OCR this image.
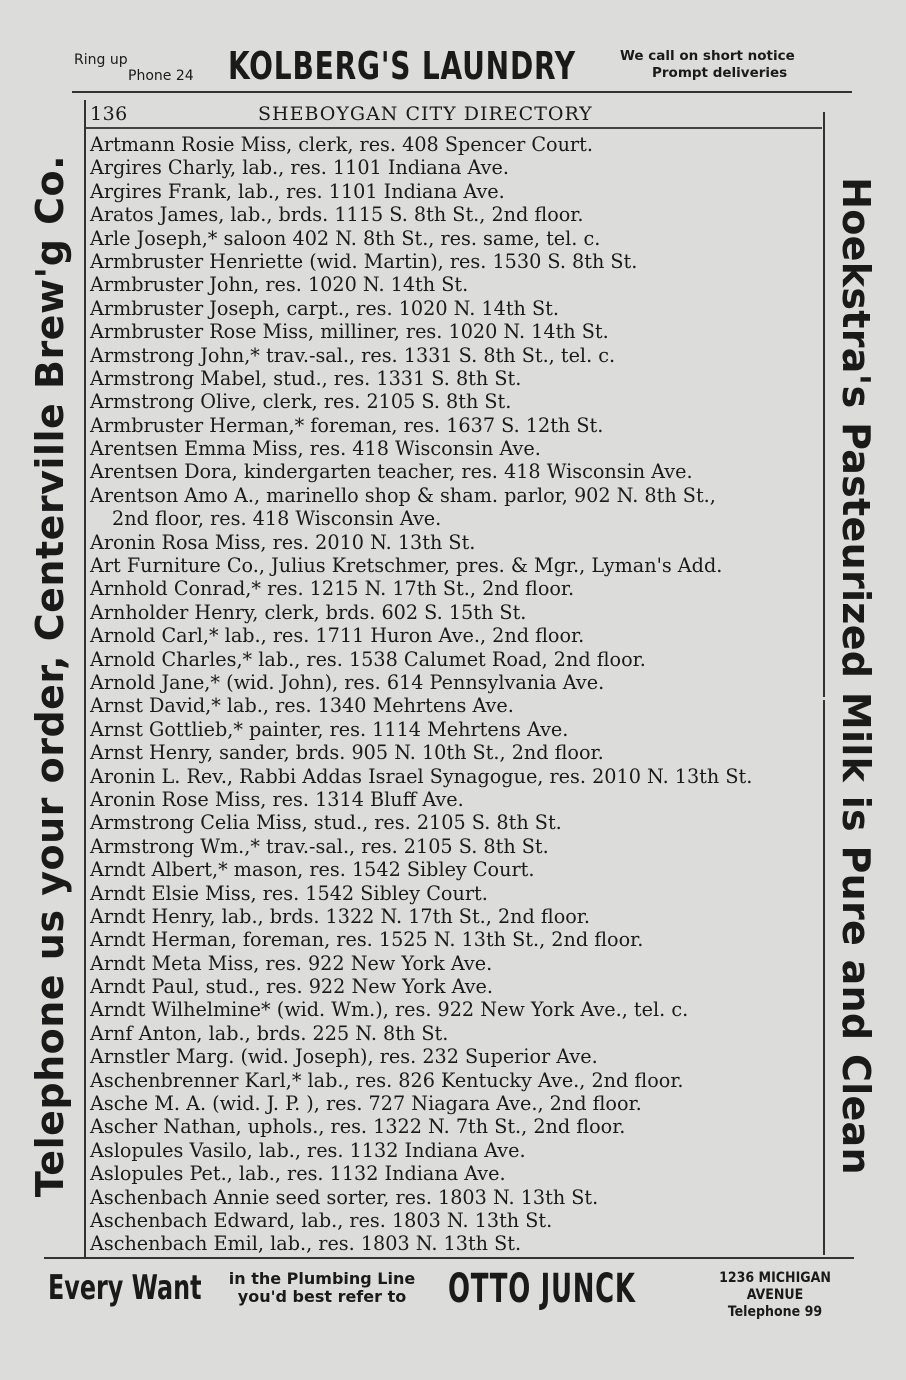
Ring up
Phone 24 KOLBERG'S LAUNDRY	We call on short notice
Prompt deliveries
Telephone us your order, Centerville Brew'g Co.	Hoekstra's Pasteurized Milk is Pure and Clean
136	SHEBOYGAN CITY DIRECTORY
Artmann Rosie Miss, clerk, res. 408 Spencer Court.
Argires Charly, lab., res. 1101 Indiana Ave.
Argires Frank, lab., res. 1101 Indiana Ave.
Aratos James, lab., brds. 1115 S. 8th St., 2nd floor.
Arle Joseph,* saloon 402 N. 8th St., res. same, tel. c.
Armbruster Henriette (wid. Martin), res. 1530 S. 8th St.
Armbruster John, res. 1020 N. 14th St.
Armbruster Joseph, carpt., res. 1020 N. 14th St.
Armbruster Rose Miss, milliner, res. 1020 N. 14th St.
Armstrong John,* trav.-sal., res. 1331 S. 8th St., tel. c.
Armstrong Mabel, stud., res. 1331 S. 8th St.
Armstrong Olive, clerk, res. 2105 S. 8th St.
Armbruster Herman,* foreman, res. 1637 S. 12th St.
Arentsen Emma Miss, res. 418 Wisconsin Ave.
Arentsen Dora, kindergarten teacher, res. 418 Wisconsin Ave.
Arentson Amo A., marinello shop & sham. parlor, 902 N. 8th St.,
2nd floor, res. 418 Wisconsin Ave.
Aronin Rosa Miss, res. 2010 N. 13th St.
Art Furniture Co., Julius Kretschmer, pres. & Mgr., Lyman's Add.
Arnhold Conrad,* res. 1215 N. 17th St., 2nd floor.
Arnholder Henry, clerk, brds. 602 S. 15th St.
Arnold Carl,* lab., res. 1711 Huron Ave., 2nd floor.
Arnold Charles,* lab., res. 1538 Calumet Road, 2nd floor.
Arnold Jane,* (wid. John), res. 614 Pennsylvania Ave.
Arnst David,* lab., res. 1340 Mehrtens Ave.
Arnst Gottlieb,* painter, res. 1114 Mehrtens Ave.
Arnst Henry, sander, brds. 905 N. 10th St., 2nd floor.
Aronin L. Rev., Rabbi Addas Israel Synagogue, res. 2010 N. 13th St.
Aronin Rose Miss, res. 1314 Bluff Ave.
Armstrong Celia Miss, stud., res. 2105 S. 8th St.
Armstrong Wm.,* trav.-sal., res. 2105 S. 8th St.
Arndt Albert,* mason, res. 1542 Sibley Court.
Arndt Elsie Miss, res. 1542 Sibley Court.
Arndt Henry, lab., brds. 1322 N. 17th St., 2nd floor.
Arndt Herman, foreman, res. 1525 N. 13th St., 2nd floor.
Arndt Meta Miss, res. 922 New York Ave.
Arndt Paul, stud., res. 922 New York Ave.
Arndt Wilhelmine* (wid. Wm.), res. 922 New York Ave., tel. c.
Arnf Anton, lab., brds. 225 N. 8th St.
Arnstler Marg. (wid. Joseph), res. 232 Superior Ave.
Aschenbrenner Karl,* lab., res. 826 Kentucky Ave., 2nd floor.
Asche M. A. (wid. J. P. ), res. 727 Niagara Ave., 2nd floor.
Ascher Nathan, uphols., res. 1322 N. 7th St., 2nd floor.
Aslopules Vasilo, lab., res. 1132 Indiana Ave.
Aslopules Pet., lab., res. 1132 Indiana Ave.
Aschenbach Annie seed sorter, res. 1803 N. 13th St.
Aschenbach Edward, lab., res. 1803 N. 13th St.
Aschenbach Emil, lab., res. 1803 N. 13th St.
Every Want	in the Plumbing Line
you'd best refer to	OTTO JUNCK	1236 MICHIGAN AVENUE
Telephone 99
